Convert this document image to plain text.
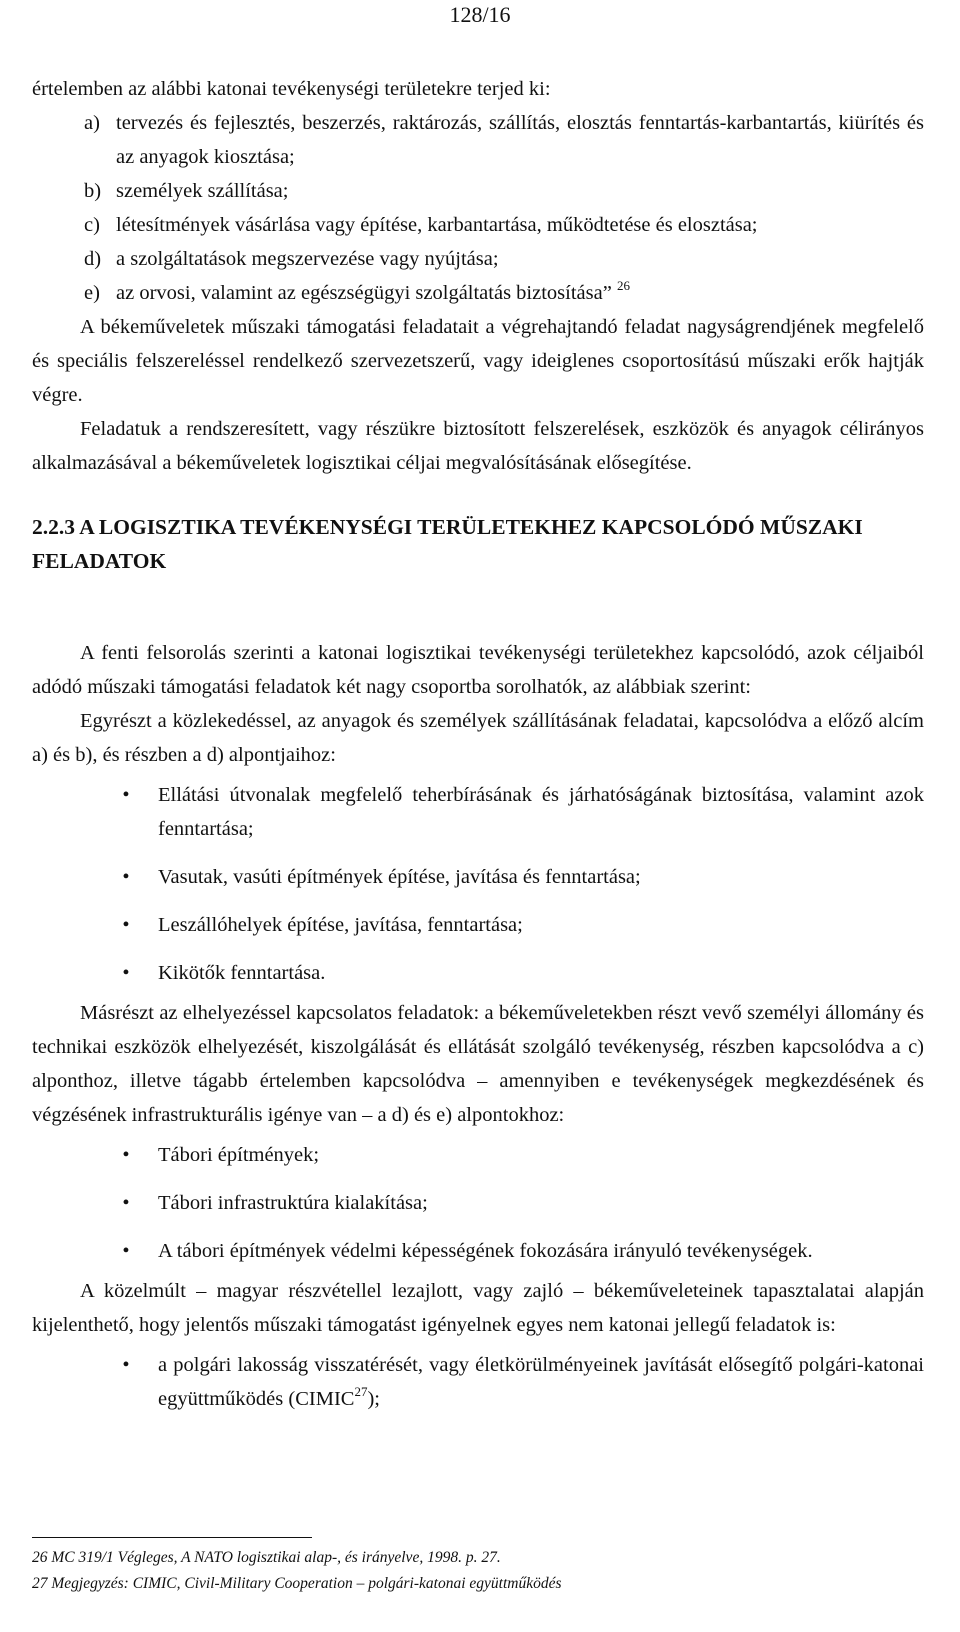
128/16

értelemben az alábbi katonai tevékenységi területekre terjed ki:

a) tervezés és fejlesztés, beszerzés, raktározás, szállítás, elosztás fenntartás-karbantartás, kiürítés és az anyagok kiosztása;
b) személyek szállítása;
c) létesítmények vásárlása vagy építése, karbantartása, működtetése és elosztása;
d) a szolgáltatások megszervezése vagy nyújtása;
e) az orvosi, valamint az egészségügyi szolgáltatás biztosítása” $^{26}$

A békeműveletek műszaki támogatási feladatait a végrehajtandó feladat nagyságrendjének megfelelő és speciális felszereléssel rendelkező szervezetszerű, vagy ideiglenes csoportosítású műszaki erők hajtják végre.

Feladatuk a rendszeresített, vagy részükre biztosított felszerelések, eszközök és anyagok célirányos alkalmazásával a békeműveletek logisztikai céljai megvalósításának elősegítése.

2.2.3 A LOGISZTIKA TEVÉKENYSÉGI TERÜLETEKHEZ KAPCSOLÓDÓ MŰSZAKI FELADATOK

A fenti felsorolás szerinti a katonai logisztikai tevékenységi területekhez kapcsolódó, azok céljaiból adódó műszaki támogatási feladatok két nagy csoportba sorolhatók, az alábbiak szerint:

Egyrészt a közlekedéssel, az anyagok és személyek szállításának feladatai, kapcsolódva a előző alcím a) és b), és részben a d) alpontjaihoz:

•	Ellátási útvonalak megfelelő teherbírásának és járhatóságának biztosítása, valamint azok fenntartása;
•	Vasutak, vasúti építmények építése, javítása és fenntartása;
•	Leszállóhelyek építése, javítása, fenntartása;
•	Kikötők fenntartása.

Másrészt az elhelyezéssel kapcsolatos feladatok: a békeműveletekben részt vevő személyi állomány és technikai eszközök elhelyezését, kiszolgálását és ellátását szolgáló tevékenység, részben kapcsolódva a c) alponthoz, illetve tágabb értelemben kapcsolódva – amennyiben e tevékenységek megkezdésének és végzésének infrastrukturális igénye van – a d) és e) alpontokhoz:

•	Tábori építmények;
•	Tábori infrastruktúra kialakítása;
•	A tábori építmények védelmi képességének fokozására irányuló tevékenységek.

A közelmúlt – magyar részvétellel lezajlott, vagy zajló – békeműveleteinek tapasztalatai alapján kijelenthető, hogy jelentős műszaki támogatást igényelnek egyes nem katonai jellegű feladatok is:

•	a polgári lakosság visszatérését, vagy életkörülményeinek javítását elősegítő polgári-katonai együttműködés (CIMIC$^{27}$);

26 MC 319/1 Végleges, A NATO logisztikai alap-, és irányelve, 1998. p. 27.

27 Megjegyzés: CIMIC, Civil-Military Cooperation – polgári-katonai együttműködés
